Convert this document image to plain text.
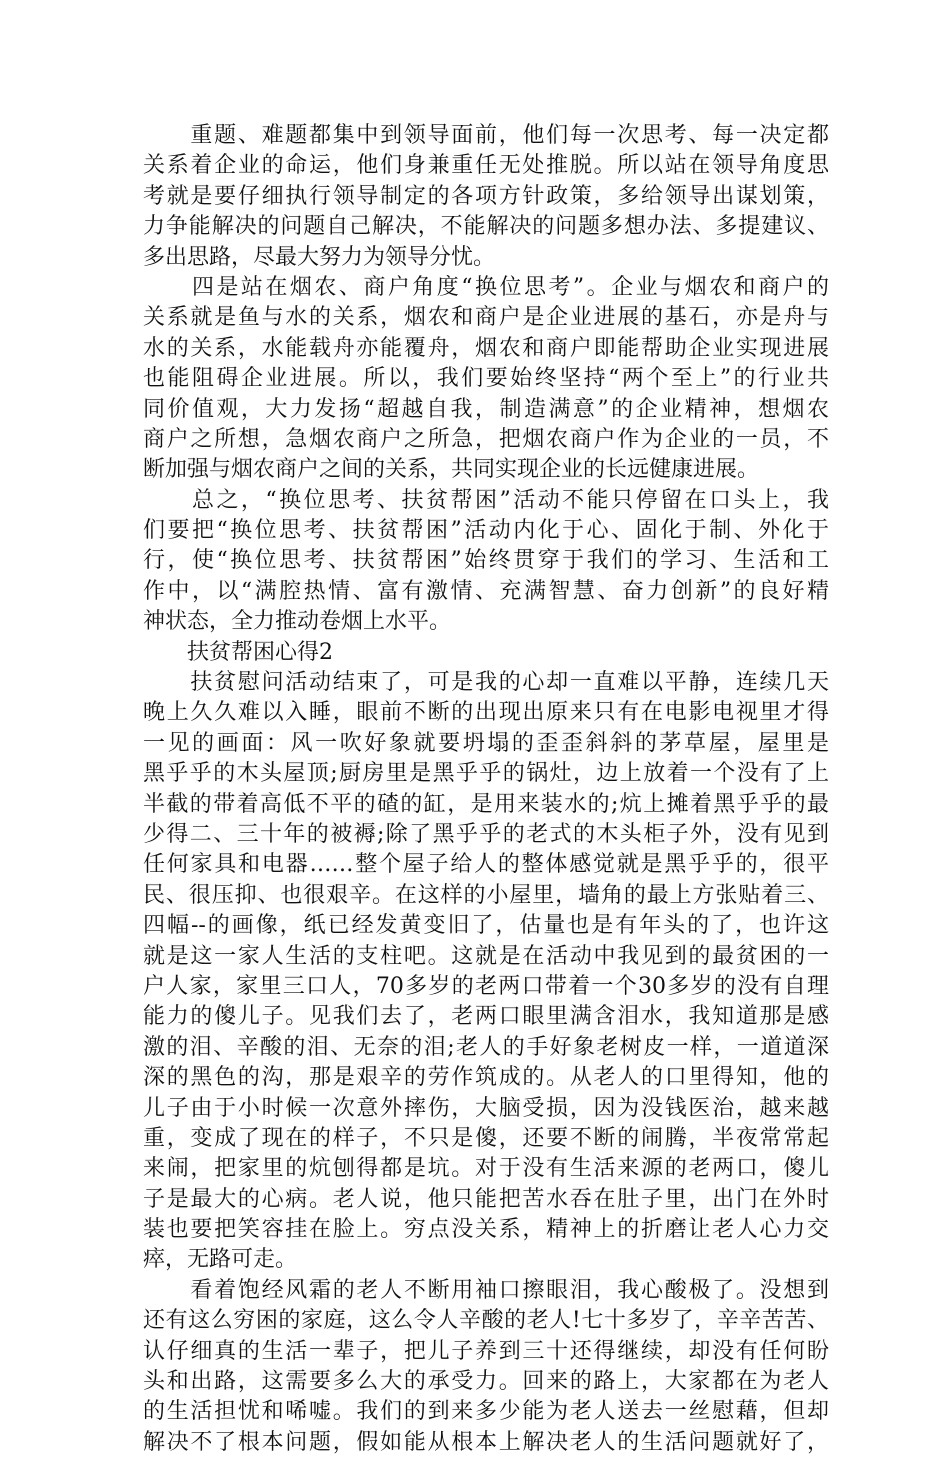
　　重题、难题都集中到领导面前，他们每一次思考、每一决定都
关系着企业的命运，他们身兼重任无处推脱。所以站在领导角度思
考就是要仔细执行领导制定的各项方针政策，多给领导出谋划策，
力争能解决的问题自己解决，不能解决的问题多想办法、多提建议、
多出思路，尽最大努力为领导分忧。
　　四是站在烟农、商户角度“换位思考”。企业与烟农和商户的
关系就是鱼与水的关系，烟农和商户是企业进展的基石，亦是舟与
水的关系，水能载舟亦能覆舟，烟农和商户即能帮助企业实现进展
也能阻碍企业进展。所以，我们要始终坚持“两个至上”的行业共
同价值观，大力发扬“超越自我，制造满意”的企业精神，想烟农
商户之所想，急烟农商户之所急，把烟农商户作为企业的一员，不
断加强与烟农商户之间的关系，共同实现企业的长远健康进展。
　　总之，“换位思考、扶贫帮困”活动不能只停留在口头上，我
们要把“换位思考、扶贫帮困”活动内化于心、固化于制、外化于
行，使“换位思考、扶贫帮困”始终贯穿于我们的学习、生活和工
作中，以“满腔热情、富有激情、充满智慧、奋力创新”的良好精
神状态，全力推动卷烟上水平。
　　扶贫帮困心得2
　　扶贫慰问活动结束了，可是我的心却一直难以平静，连续几天
晚上久久难以入睡，眼前不断的出现出原来只有在电影电视里才得
一见的画面：风一吹好象就要坍塌的歪歪斜斜的茅草屋，屋里是
黑乎乎的木头屋顶;厨房里是黑乎乎的锅灶，边上放着一个没有了上
半截的带着高低不平的碴的缸，是用来装水的;炕上摊着黑乎乎的最
少得二、三十年的被褥;除了黑乎乎的老式的木头柜子外，没有见到
任何家具和电器……整个屋子给人的整体感觉就是黑乎乎的，很平
民、很压抑、也很艰辛。在这样的小屋里，墙角的最上方张贴着三、
四幅--的画像，纸已经发黄变旧了，估量也是有年头的了，也许这
就是这一家人生活的支柱吧。这就是在活动中我见到的最贫困的一
户人家，家里三口人，70多岁的老两口带着一个30多岁的没有自理
能力的傻儿子。见我们去了，老两口眼里满含泪水，我知道那是感
激的泪、辛酸的泪、无奈的泪;老人的手好象老树皮一样，一道道深
深的黑色的沟，那是艰辛的劳作筑成的。从老人的口里得知，他的
儿子由于小时候一次意外摔伤，大脑受损，因为没钱医治，越来越
重，变成了现在的样子，不只是傻，还要不断的闹腾，半夜常常起
来闹，把家里的炕刨得都是坑。对于没有生活来源的老两口，傻儿
子是最大的心病。老人说，他只能把苦水吞在肚子里，出门在外时
装也要把笑容挂在脸上。穷点没关系，精神上的折磨让老人心力交
瘁，无路可走。
　　看着饱经风霜的老人不断用袖口擦眼泪，我心酸极了。没想到
还有这么穷困的家庭，这么令人辛酸的老人!七十多岁了，辛辛苦苦、
认仔细真的生活一辈子，把儿子养到三十还得继续，却没有任何盼
头和出路，这需要多么大的承受力。回来的路上，大家都在为老人
的生活担忧和唏嘘。我们的到来多少能为老人送去一丝慰藉，但却
解决不了根本问题，假如能从根本上解决老人的生活问题就好了，
